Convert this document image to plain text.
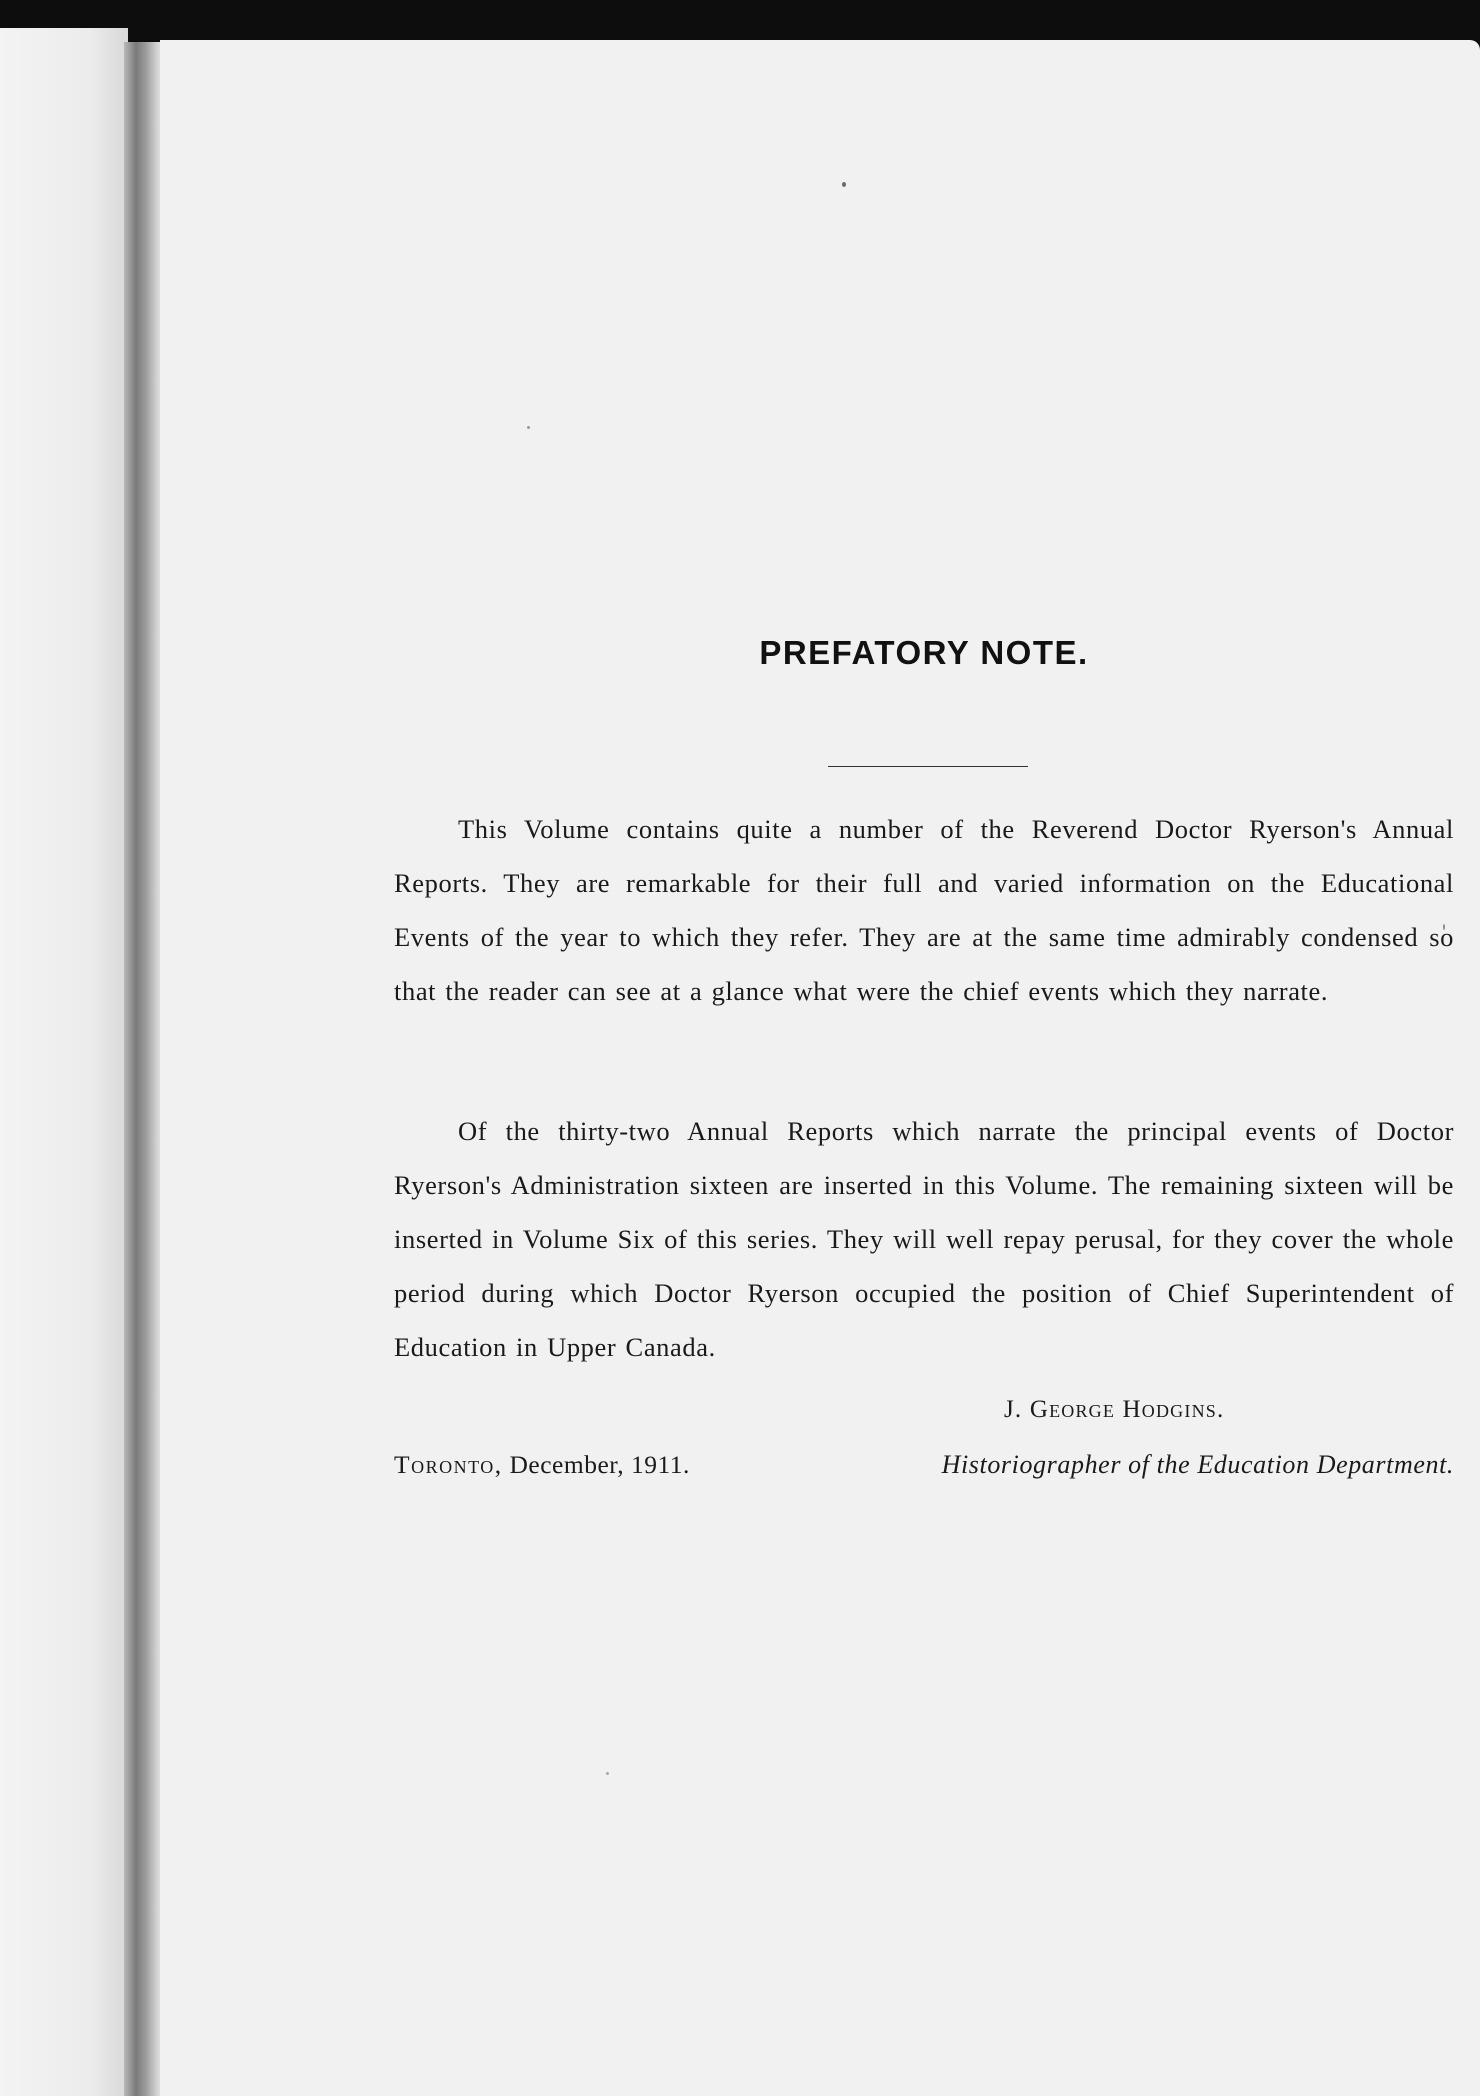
PREFATORY NOTE.

This Volume contains quite a number of the Reverend Doctor Ryerson's Annual Reports. They are remarkable for their full and varied information on the Educational Events of the year to which they refer. They are at the same time admirably condensed so that the reader can see at a glance what were the chief events which they narrate.

Of the thirty-two Annual Reports which narrate the principal events of Doctor Ryerson's Administration sixteen are inserted in this Volume. The remaining sixteen will be inserted in Volume Six of this series. They will well repay perusal, for they cover the whole period during which Doctor Ryerson occupied the position of Chief Superintendent of Education in Upper Canada.

J. George Hodgins.
Toronto, December, 1911.	Historiographer of the Education Department.
